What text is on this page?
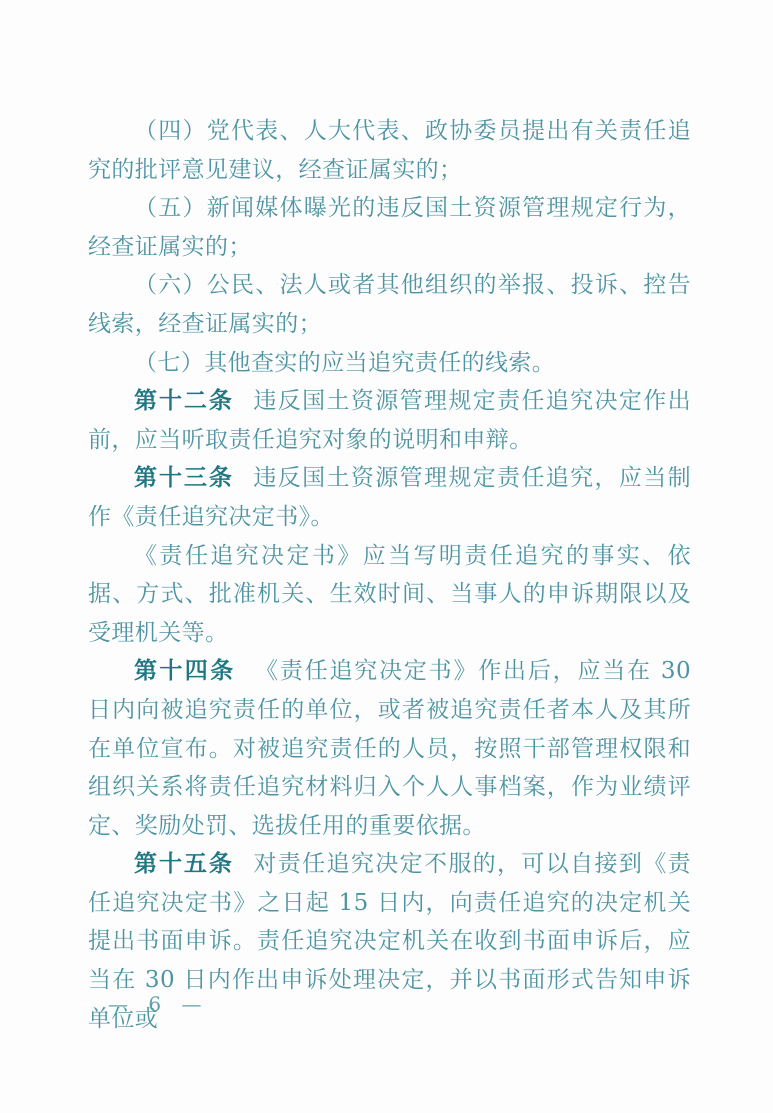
（四）党代表、人大代表、政协委员提出有关责任追究的批评意见建议，经查证属实的；

（五）新闻媒体曝光的违反国土资源管理规定行为，经查证属实的；

（六）公民、法人或者其他组织的举报、投诉、控告线索，经查证属实的；

（七）其他查实的应当追究责任的线索。

第十二条 违反国土资源管理规定责任追究决定作出前，应当听取责任追究对象的说明和申辩。

第十三条 违反国土资源管理规定责任追究，应当制作《责任追究决定书》。

《责任追究决定书》应当写明责任追究的事实、依据、方式、批准机关、生效时间、当事人的申诉期限以及受理机关等。

第十四条 《责任追究决定书》作出后，应当在 30 日内向被追究责任的单位，或者被追究责任者本人及其所在单位宣布。对被追究责任的人员，按照干部管理权限和组织关系将责任追究材料归入个人人事档案，作为业绩评定、奖励处罚、选拔任用的重要依据。

第十五条 对责任追究决定不服的，可以自接到《责任追究决定书》之日起 15 日内，向责任追究的决定机关提出书面申诉。责任追究决定机关在收到书面申诉后，应当在 30 日内作出申诉处理决定，并以书面形式告知申诉单位或

— 6 —
